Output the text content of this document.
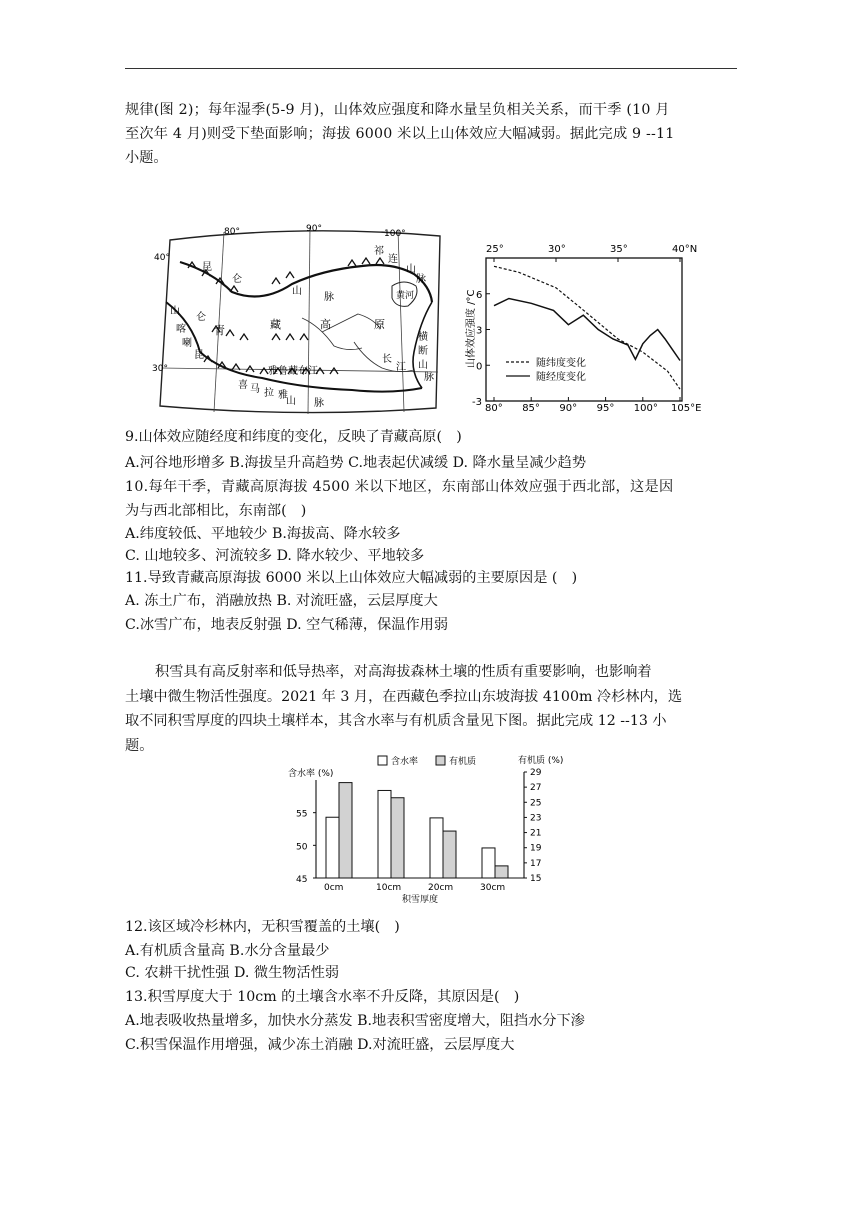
规律(图 2)；每年湿季(5-9 月)，山体效应强度和降水量呈负相关关系，而干季 (10 月
至次年 4 月)则受下垫面影响；海拔 6000 米以上山体效应大幅减弱。据此完成 9 --11
小题。
80°	90°	100°
40°
30°
昆
仑
山
脉
祁
连
山
脉
青	藏	高	原
黄河
喀
喇
昆
仑
山
横
断
山
脉
雅鲁藏布江
喜 马 拉 雅
山 脉
长
江	山体效应强度 /°C
25°	30°	35°	40°N
80° 85° 90° 95° 100° 105°E
6
3
0
-3
随纬度变化
随经度变化
9.山体效应随经度和纬度的变化，反映了青藏高原(　)
A.河谷地形增多 B.海拔呈升高趋势 C.地表起伏减缓 D. 降水量呈减少趋势
10.每年干季，青藏高原海拔 4500 米以下地区，东南部山体效应强于西北部，这是因
为与西北部相比，东南部(　)
A.纬度较低、平地较少 B.海拔高、降水较多
C. 山地较多、河流较多 D. 降水较少、平地较多
11.导致青藏高原海拔 6000 米以上山体效应大幅减弱的主要原因是 (　)
A. 冻土广布，消融放热 B. 对流旺盛，云层厚度大
C.冰雪广布，地表反射强 D. 空气稀薄，保温作用弱
积雪具有高反射率和低导热率，对高海拔森林土壤的性质有重要影响，也影响着
土壤中微生物活性强度。2021 年 3 月，在西藏色季拉山东坡海拔 4100m 冷杉林内，选
取不同积雪厚度的四块土壤样本，其含水率与有机质含量见下图。据此完成 12 --13 小
题。
含水率 (%)
有机质 (%)
积雪厚度
55
50
45
29
27
25
23
21
19
17
15
0cm	10cm	20cm	30cm
含水率	有机质
12.该区域冷杉林内，无积雪覆盖的土壤(　)
A.有机质含量高 B.水分含量最少
C. 农耕干扰性强 D. 微生物活性弱
13.积雪厚度大于 10cm 的土壤含水率不升反降，其原因是(　)
A.地表吸收热量增多，加快水分蒸发 B.地表积雪密度增大，阻挡水分下渗
C.积雪保温作用增强，减少冻土消融 D.对流旺盛，云层厚度大
